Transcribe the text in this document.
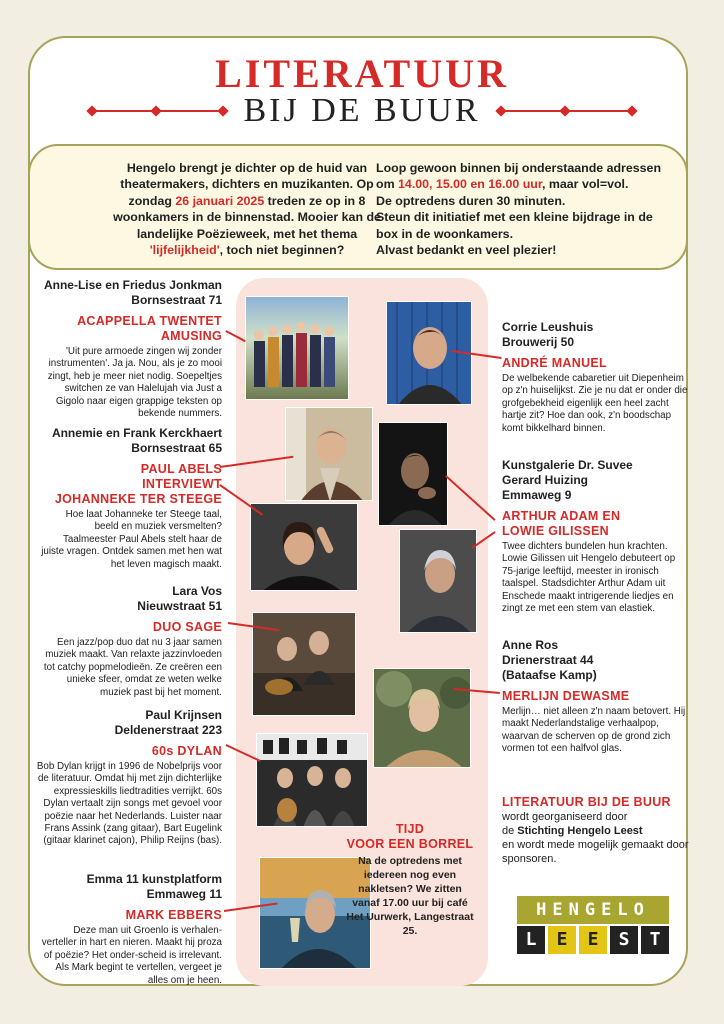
LITERATUUR
BIJ DE BUUR
Hengelo brengt je dichter op de huid van theatermakers, dichters en muzikanten. Op zondag 26 januari 2025 treden ze op in 8 woonkamers in de binnenstad. Mooier kan de landelijke Poëzieweek, met het thema 'lijfelijkheid', toch niet beginnen?
Loop gewoon binnen bij onderstaande adressen
om 14.00, 15.00 en 16.00 uur, maar vol=vol.
De optredens duren 30 minuten.
Steun dit initiatief met een kleine bijdrage in de box in de woonkamers.
Alvast bedankt en veel plezier!
Anne-Lise en Friedus Jonkman
Bornsestraat 71
ACAPPELLA TWENTET AMUSING
'Uit pure armoede zingen wij zonder instrumenten'. Ja ja. Nou, als je zo mooi zingt, heb je meer niet nodig. Soepeltjes switchen ze van Halelujah via Just a Gigolo naar eigen grappige teksten op bekende nummers.
Annemie en Frank Kerckhaert
Bornsestraat 65
PAUL ABELS
INTERVIEWT
JOHANNEKE TER STEEGE
Hoe laat Johanneke ter Steege taal, beeld en muziek versmelten? Taalmeester Paul Abels stelt haar de juiste vragen. Ontdek samen met hen wat het leven magisch maakt.
Lara Vos
Nieuwstraat 51
DUO SAGE
Een jazz/pop duo dat nu 3 jaar samen muziek maakt. Van relaxte jazzinvloeden tot catchy popmelodieën. Ze creëren een unieke sfeer, omdat ze weten welke muziek past bij het moment.
Paul Krijnsen
Deldenerstraat 223
60s DYLAN
Bob Dylan krijgt in 1996 de Nobelprijs voor de literatuur. Omdat hij met zijn dichterlijke expressieskills liedtradities verrijkt. 60s Dylan vertaalt zijn songs met gevoel voor poëzie naar het Nederlands. Luister naar Frans Assink (zang gitaar), Bart Eugelink (gitaar klarinet cajon), Philip Reijns (bas).
Emma 11 kunstplatform
Emmaweg 11
MARK EBBERS
Deze man uit Groenlo is verhalen-verteller in hart en nieren. Maakt hij proza of poëzie? Het onder-scheid is irrelevant. Als Mark begint te vertellen, vergeet je alles om je heen.
Corrie Leushuis
Brouwerij 50
ANDRÉ MANUEL
De welbekende cabaretier uit Diepenheim op z'n huiselijkst. Zie je nu dat er onder die grofgebekheid eigenlijk een heel zacht hartje zit? Hoe dan ook, z'n boodschap komt bikkelhard binnen.
Kunstgalerie Dr. Suvee
Gerard Huizing
Emmaweg 9
ARTHUR ADAM EN
LOWIE GILISSEN
Twee dichters bundelen hun krachten. Lowie Gilissen uit Hengelo debuteert op 75-jarige leeftijd, meester in ironisch taalspel. Stadsdichter Arthur Adam uit Enschede maakt intrigerende liedjes en zingt ze met een stem van elastiek.
Anne Ros
Drienerstraat 44
(Bataafse Kamp)
MERLIJN DEWASME
Merlijn… niet alleen z'n naam betovert. Hij maakt Nederlandstalige verhaalpop, waarvan de scherven op de grond zich vormen tot een halfvol glas.
TIJD
VOOR EEN BORREL
Na de optredens met iedereen nog even nakletsen? We zitten vanaf 17.00 uur bij café Het Uurwerk, Langestraat 25.
LITERATUUR BIJ DE BUUR
wordt georganiseerd door
de Stichting Hengelo Leest
en wordt mede mogelijk gemaakt door sponsoren.
HENGELO
L	E	E	S	T
